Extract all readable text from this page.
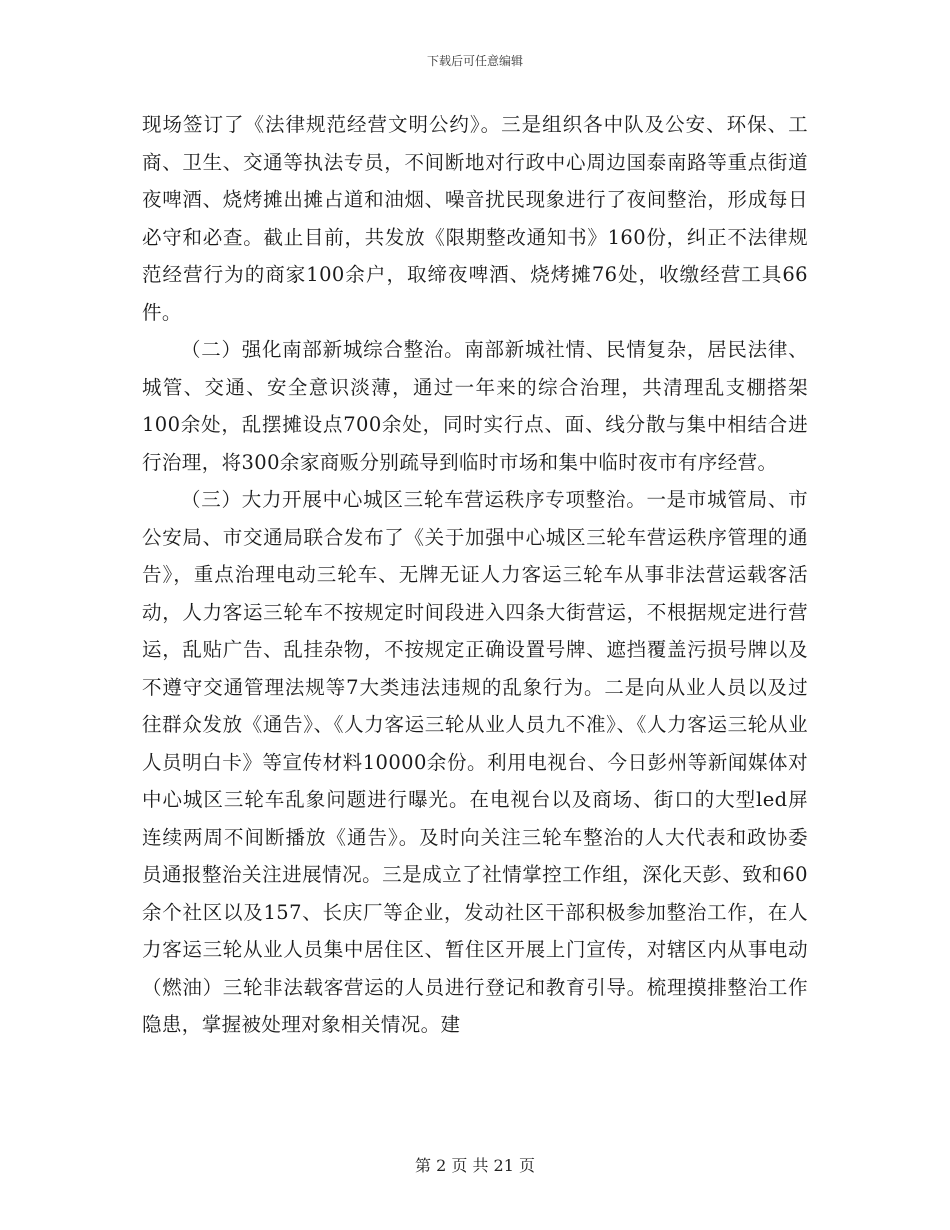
下载后可任意编辑

现场签订了《法律规范经营文明公约》。三是组织各中队及公安、环保、工商、卫生、交通等执法专员，不间断地对行政中心周边国泰南路等重点街道夜啤酒、烧烤摊出摊占道和油烟、噪音扰民现象进行了夜间整治，形成每日必守和必查。截止目前，共发放《限期整改通知书》160份，纠正不法律规范经营行为的商家100余户，取缔夜啤酒、烧烤摊76处，收缴经营工具66件。

（二）强化南部新城综合整治。南部新城社情、民情复杂，居民法律、城管、交通、安全意识淡薄，通过一年来的综合治理，共清理乱支棚搭架100余处，乱摆摊设点700余处，同时实行点、面、线分散与集中相结合进行治理，将300余家商贩分别疏导到临时市场和集中临时夜市有序经营。

（三）大力开展中心城区三轮车营运秩序专项整治。一是市城管局、市公安局、市交通局联合发布了《关于加强中心城区三轮车营运秩序管理的通告》，重点治理电动三轮车、无牌无证人力客运三轮车从事非法营运载客活动，人力客运三轮车不按规定时间段进入四条大街营运，不根据规定进行营运，乱贴广告、乱挂杂物，不按规定正确设置号牌、遮挡覆盖污损号牌以及不遵守交通管理法规等7大类违法违规的乱象行为。二是向从业人员以及过往群众发放《通告》、《人力客运三轮从业人员九不准》、《人力客运三轮从业人员明白卡》等宣传材料10000余份。利用电视台、今日彭州等新闻媒体对中心城区三轮车乱象问题进行曝光。在电视台以及商场、街口的大型led屏连续两周不间断播放《通告》。及时向关注三轮车整治的人大代表和政协委员通报整治关注进展情况。三是成立了社情掌控工作组，深化天彭、致和60余个社区以及157、长庆厂等企业，发动社区干部积极参加整治工作，在人力客运三轮从业人员集中居住区、暂住区开展上门宣传，对辖区内从事电动（燃油）三轮非法载客营运的人员进行登记和教育引导。梳理摸排整治工作隐患，掌握被处理对象相关情况。建

第 2 页 共 21 页
